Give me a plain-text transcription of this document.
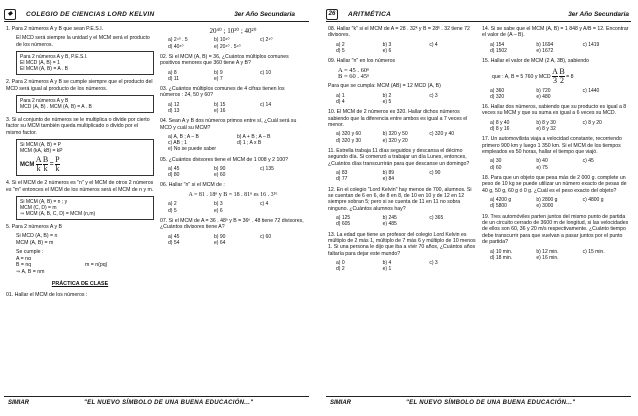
◆	COLEGIO DE CIENCIAS LORD KELVIN	3er Año Secundaria
1. Para 2 números A y B que sean P.E.S.I.
El MCD será siempre la unidad y el MCM será el producto de los números.
Para 2 números A y B, P.E.S.I.
El MCD (A, B) = 1
El MCM (A, B) = A . B
2. Para 2 números A y B se cumple siempre que el producto del MCD será igual al producto de los números.
Para 2 números A y B
MCD (A, B) . MCM (A, B) = A . B
3. Si al conjunto de números se le multiplica o divide por cierto factor su MCM también queda multiplicado o divido por el mismo factor.
Si MCM (A, B) = P
MCM (kA, kB) = kP
MCM $\frac{A}{k}$
$\frac{B}{k} = \frac{P}{k}$
4. Si el MCM de 2 números es "n" y el MCM de otros 2 números es "m" entonces el MCM de los números será el MCM de n y m.
Si MCM (A, B) = n ; y
MCM (C, D) = m
⇒ MCM (A, B, C, D) = MCM (n,m)
5. Para 2 números A y B
Si MCD (A, B) = n
MCM (A, B) = m
Se cumple :
A = nα
B = nq	m = n(pq)
⇒ A, B = nm
PRÁCTICA DE CLASE
01. Hallar el MCM de los números :
20⁴⁰ ; 10²⁰ ; 40²⁰
a) 2⁴⁰ . 5	b) 10⁴⁰	c) 2⁴⁰
d) 40⁴⁰	e) 20⁴⁰ . 5⁴⁰
02. Si el MCM (A, B) = 36, ¿Cuántos múltiplos comunes positivos menores que 360 tiene A y B?
a) 8	b) 9	c) 10
d) 11	e) 7
03. ¿Cuántos múltiplos comunes de 4 cifras tienen los números : 24, 50 y 60?
a) 12	b) 15	c) 14
d) 13	e) 16
04. Sean A y B dos números primos entre sí, ¿Cuál será su MCD y cuál su MCM?
a) A, B ; A – B	b) A + B ; A – B
c) AB ; 1	d) 1 ; A x B
e) No se puede saber
05. ¿Cuántos divisores tiene el MCM de 1 008 y 2 100?
a) 45	b) 90	c) 135
d) 80	e) 60
06. Hallar "n" si el MCM de :
A = 81 . 18ⁿ y B = 18 . 81ⁿ es 16 . 3¹⁶
a) 2	b) 3	c) 4
d) 5	e) 6
07. Si el MCM de A = 36 . 48ⁿ y B = 36ⁿ . 48 tiene 72 divisores, ¿Cuántos divisores tiene A?
a) 45	b) 90	c) 60
d) 54	e) 64
SIMIAR	"EL NUEVO SÍMBOLO DE UNA BUENA EDUCACIÓN..."
26	ARITMÉTICA	3er Año Secundaria
08. Hallar "k" si el MCM de A = 28 . 32ᵏ y B = 28ᵏ . 32 tiene 72 divisores.
a) 2	b) 3	c) 4
d) 5	e) 6
09. Hallar "n" en los números
A = 45 . 60ⁿ
B = 60 . 45ⁿ
Para que se cumpla: MCM (AB) = 12 MCD (A, B)
a) 1	b) 2	c) 3
d) 4	e) 5
10. El MCM de 2 números es 320. Hallar dichos números sabiendo que la diferencia entre ambos es igual a 7 veces el menor.
a) 320 y 60	b) 320 y 50	c) 320 y 40
d) 320 y 30	e) 320 y 20
11. Estrella trabaja 11 días seguidos y descansa el décimo segundo día. Si comenzó a trabajar un día Lunes, entonces, ¿Cuántos días transcurrirán para que descanse un domingo?
a) 83	b) 89	c) 90
d) 77	e) 84
12. En el colegio "Lord Kelvin" hay menos de 700, alumnos. Si se cuentan de 6 en 6, de 8 en 8, de 10 en 10 y de 12 en 12 siempre sobran 5; pero si se cuenta de 11 en 11 no sobra ninguno. ¿Cuántos alumnos hay?
a) 125	b) 245	c) 365
d) 605	e) 485
13. La edad que tiene un profesor del colegio Lord Kelvin es múltiplo de 2 más 1, múltiplo de 7 más 6 y múltiplo de 10 menos 1. Si una persona le dijo que iba a vivir 70 años, ¿Cuántos años faltaría para dejar este mundo?
a) 0	b) 4	c) 3
d) 2	e) 1
14. Si se sabe que el MCM (A, B) = 1 848 y A/B = 12. Encontrar el valor de (A – B).
a) 154	b) 1694	c) 1419
d) 1502	e) 1672
15. Hallar el valor de MCM (2 A, 3B), sabiendo
que : A, B = 5 760 y MCD $\frac{A}{3}$
$\frac{B}{2} = 8$
a) 360	b) 720	c) 1440
d) 320	e) 480
16. Hallar dos números, sabiendo que su producto es igual a 8 veces su MCM y que su suma es igual a 6 veces su MCD.
a) 8 y 40	b) 8 y 30	c) 8 y 20
d) 8 y 16	e) 8 y 32
17. Un automovilista viaja a velocidad constante, recorriendo primero 900 km y luego 1 350 km. Si el MCM de los tiempos empleados es 50 horas, hallar el tiempo que viajó.
a) 30	b) 40	c) 45
d) 60	e) 75
18. Para que un objeto que pesa más de 2 000 g. complete un peso de 10 kg se puede utilizar un número exacto de pesas de 40 g, 50 g, 60 g ó 0 g. ¿Cuál es el peso exacto del objeto?
a) 4200 g	b) 2800 g	c) 4800 g
d) 5800	e) 3000
19. Tres automóviles parten juntos del mismo punto de partida de un circuito cerrado de 3600 m de longitud, si las velocidades de ellos son 60, 36 y 20 m/s respectivamente. ¿Cuánto tiempo debe transcurrir para que vuelvan a pasar juntos por el punto de partida?
a) 10 min.	b) 12 min.	c) 15 min.
d) 18 min.	e) 16 min.
SIMIAR	"EL NUEVO SÍMBOLO DE UNA BUENA EDUCACIÓN..."
